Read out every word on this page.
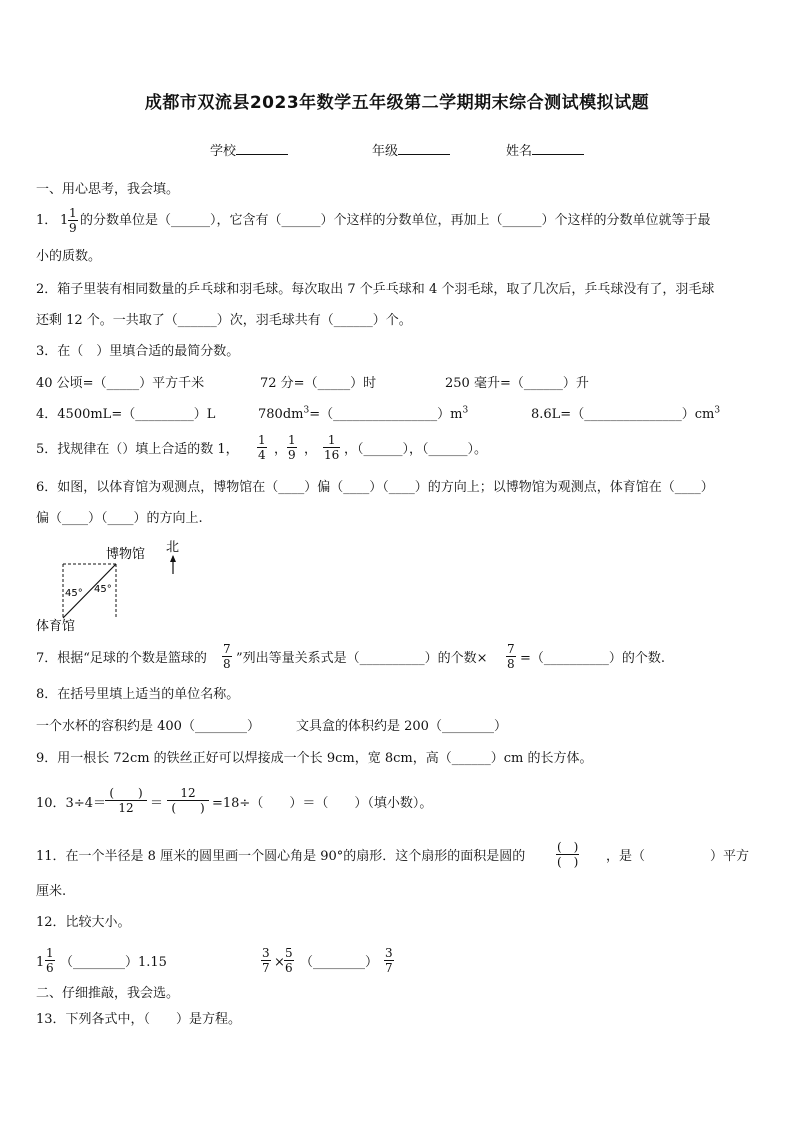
成都市双流县2023年数学五年级第二学期期末综合测试模拟试题
学校	年级	姓名
一、用心思考，我会填。
1． $1 \frac{1}{9}$ 的分数单位是（______），它含有（______）个这样的分数单位，再加上（______）个这样的分数单位就等于最
小的质数。
2．箱子里装有相同数量的乒乓球和羽毛球。每次取出 7 个乒乓球和 4 个羽毛球，取了几次后，乒乓球没有了，羽毛球
还剩 12 个。一共取了（______）次，羽毛球共有（______）个。
3．在（　）里填合适的最简分数。
40 公顷=（_____）平方千米	72 分=（_____）时	250 毫升=（______）升
4．4500mL=（_________）L	$780dm^3=(\_\_\_\_\_\_\_\_\_\_\_\_\_\_\_\_)m^3$	$8.6L=(\_\_\_\_\_\_\_\_\_\_\_\_\_\_\_)cm^3$
5．找规律在（）填上合适的数 1， $\frac{1}{4}$ ， $\frac{1}{9}$ ， $\frac{1}{16}$ ，（______），（______）。
6．如图，以体育馆为观测点，博物馆在（____）偏（____）（____）的方向上；以博物馆为观测点，体育馆在（____）
偏（____）（____）的方向上.
博物馆
体育馆
北
45° 45°
7．根据“足球的个数是篮球的 $\frac{7}{8}$ ”列出等量关系式是（__________）的个数× $\frac{7}{8}$ =（__________）的个数.
8．在括号里填上适当的单位名称。
一个水杯的容积约是 400（________）	文具盒的体积约是 200（________）
9．用一根长 72cm 的铁丝正好可以焊接成一个长 9cm，宽 8cm，高（______）cm 的长方体。
10．3÷4＝
(　　)
12	＝
12
(　　) =18÷（　　）＝（　　）（填小数）。
11．在一个半径是 8 厘米的圆里画一个圆心角是 90°的扇形．这个扇形的面积是圆的
(　)
(　) ，是（　　　　　）平方
厘米.
12．比较大小。
$1 \frac{1}{6}$ （________）1.15	$\frac{3}{7} \times \frac{5}{6}$ （________） $\frac{3}{7}$
二、仔细推敲，我会选。
13．下列各式中，（　　）是方程。
